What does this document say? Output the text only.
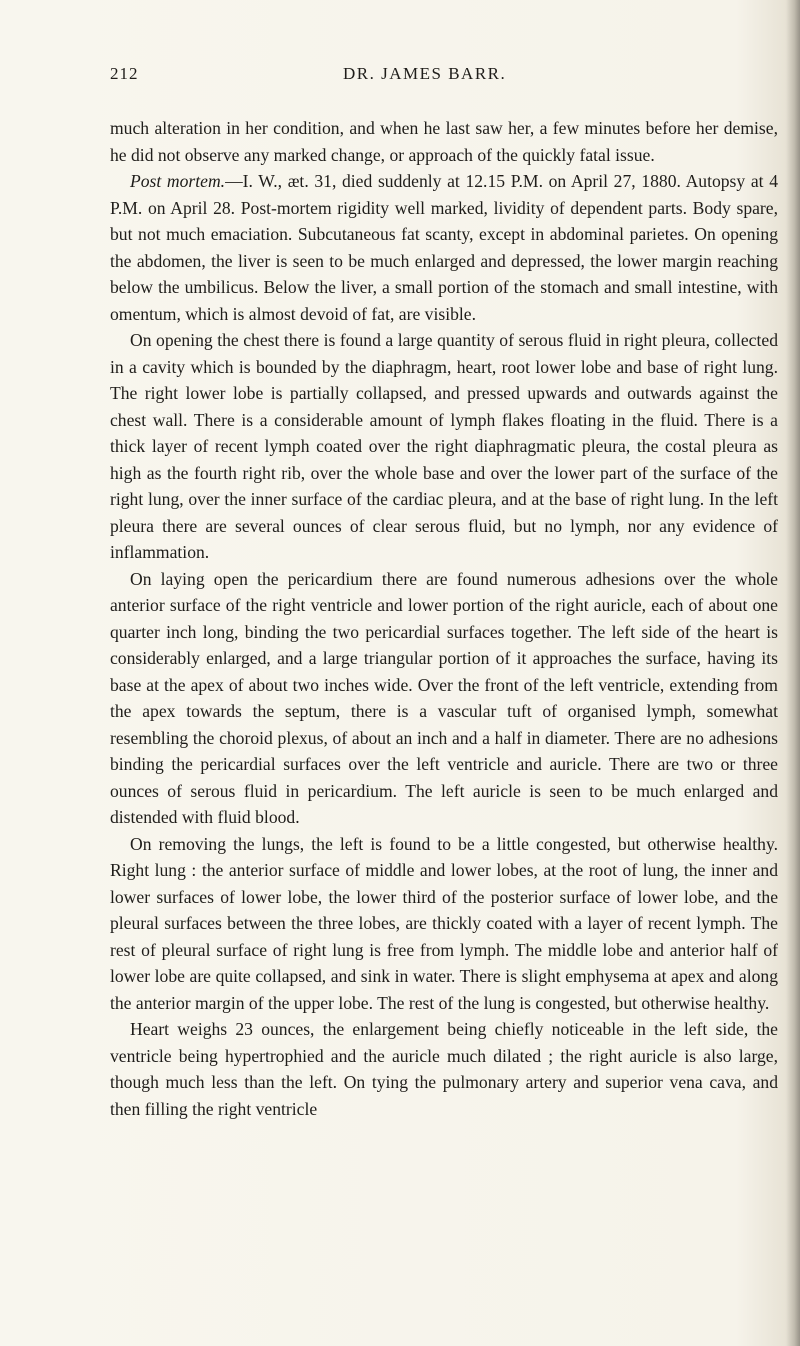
212	DR. JAMES BARR.

much alteration in her condition, and when he last saw her, a few minutes before her demise, he did not observe any marked change, or approach of the quickly fatal issue.

Post mortem.—I. W., æt. 31, died suddenly at 12.15 P.M. on April 27, 1880. Autopsy at 4 P.M. on April 28. Post-mortem rigidity well marked, lividity of dependent parts. Body spare, but not much emaciation. Subcutaneous fat scanty, except in abdominal parietes. On opening the abdomen, the liver is seen to be much enlarged and depressed, the lower margin reaching below the umbilicus. Below the liver, a small portion of the stomach and small intestine, with omentum, which is almost devoid of fat, are visible.

On opening the chest there is found a large quantity of serous fluid in right pleura, collected in a cavity which is bounded by the diaphragm, heart, root lower lobe and base of right lung. The right lower lobe is partially collapsed, and pressed upwards and outwards against the chest wall. There is a considerable amount of lymph flakes floating in the fluid. There is a thick layer of recent lymph coated over the right diaphragmatic pleura, the costal pleura as high as the fourth right rib, over the whole base and over the lower part of the surface of the right lung, over the inner surface of the cardiac pleura, and at the base of right lung. In the left pleura there are several ounces of clear serous fluid, but no lymph, nor any evidence of inflammation.

On laying open the pericardium there are found numerous adhesions over the whole anterior surface of the right ventricle and lower portion of the right auricle, each of about one quarter inch long, binding the two pericardial surfaces together. The left side of the heart is considerably enlarged, and a large triangular portion of it approaches the surface, having its base at the apex of about two inches wide. Over the front of the left ventricle, extending from the apex towards the septum, there is a vascular tuft of organised lymph, somewhat resembling the choroid plexus, of about an inch and a half in diameter. There are no adhesions binding the pericardial surfaces over the left ventricle and auricle. There are two or three ounces of serous fluid in pericardium. The left auricle is seen to be much enlarged and distended with fluid blood.

On removing the lungs, the left is found to be a little congested, but otherwise healthy. Right lung : the anterior surface of middle and lower lobes, at the root of lung, the inner and lower surfaces of lower lobe, the lower third of the posterior surface of lower lobe, and the pleural surfaces between the three lobes, are thickly coated with a layer of recent lymph. The rest of pleural surface of right lung is free from lymph. The middle lobe and anterior half of lower lobe are quite collapsed, and sink in water. There is slight emphysema at apex and along the anterior margin of the upper lobe. The rest of the lung is congested, but otherwise healthy.

Heart weighs 23 ounces, the enlargement being chiefly noticeable in the left side, the ventricle being hypertrophied and the auricle much dilated ; the right auricle is also large, though much less than the left. On tying the pulmonary artery and superior vena cava, and then filling the right ventricle
